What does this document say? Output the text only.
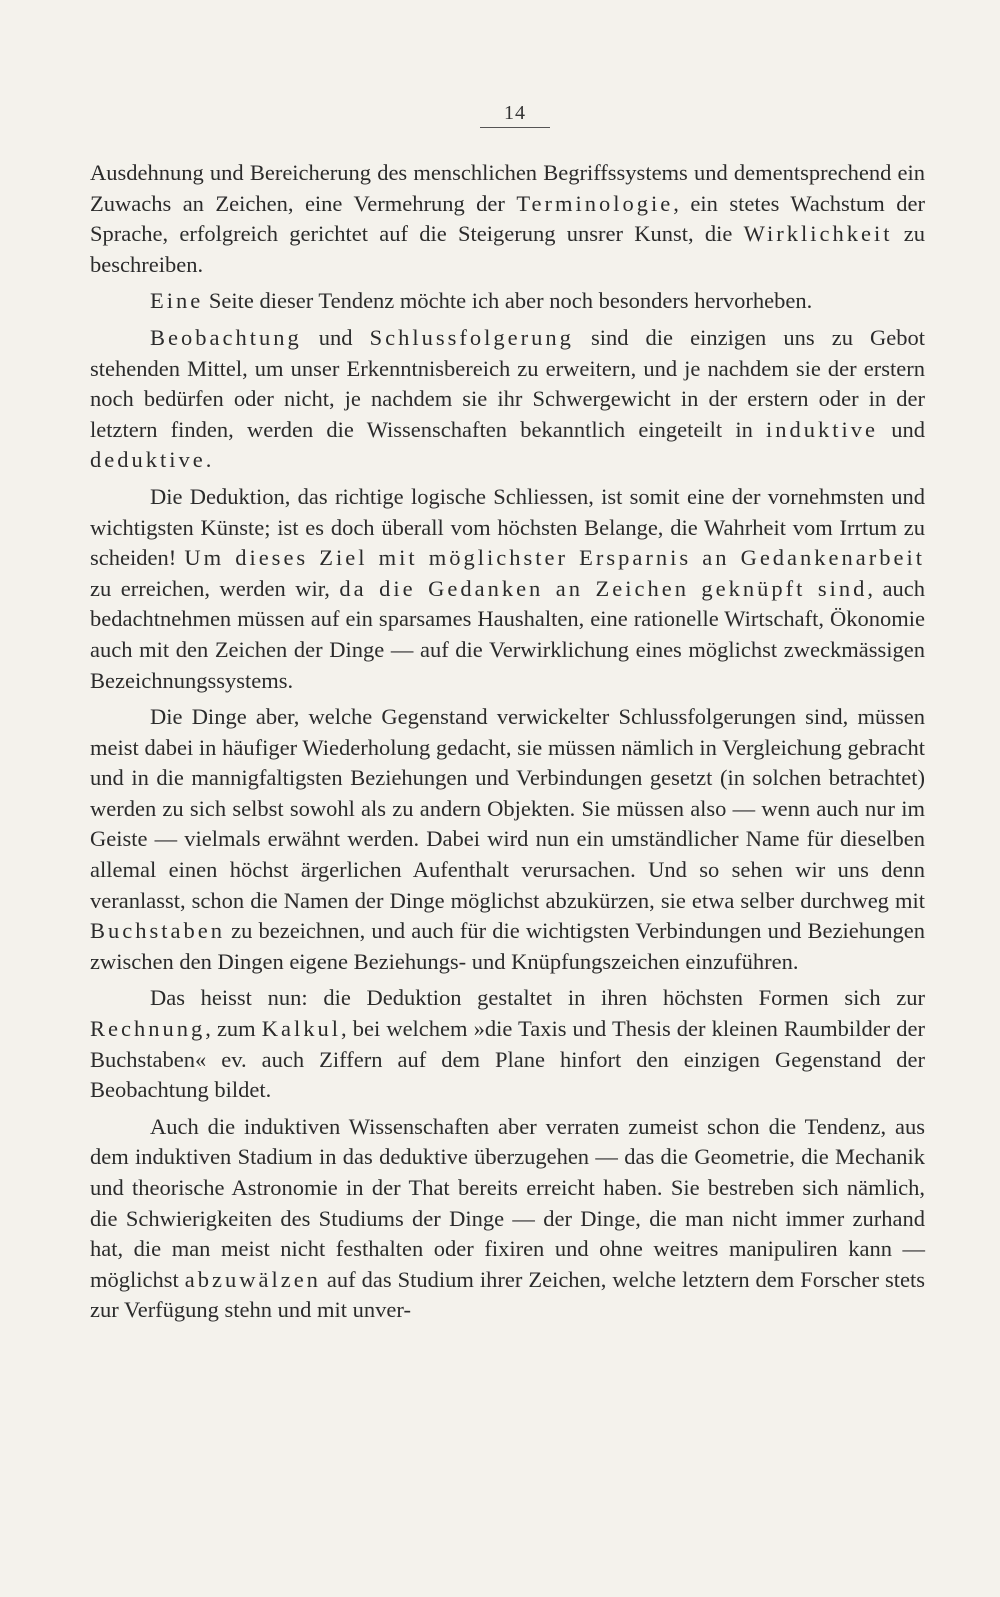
14

Ausdehnung und Bereicherung des menschlichen Begriffssystems und dementsprechend ein Zuwachs an Zeichen, eine Vermehrung der Terminologie, ein stetes Wachstum der Sprache, erfolgreich gerichtet auf die Steigerung unsrer Kunst, die Wirklichkeit zu beschreiben.

Eine Seite dieser Tendenz möchte ich aber noch besonders hervorheben.

Beobachtung und Schlussfolgerung sind die einzigen uns zu Gebot stehenden Mittel, um unser Erkenntnisbereich zu erweitern, und je nachdem sie der erstern noch bedürfen oder nicht, je nachdem sie ihr Schwergewicht in der erstern oder in der letztern finden, werden die Wissenschaften bekanntlich eingeteilt in induktive und deduktive.

Die Deduktion, das richtige logische Schliessen, ist somit eine der vornehmsten und wichtigsten Künste; ist es doch überall vom höchsten Belange, die Wahrheit vom Irrtum zu scheiden! Um dieses Ziel mit möglichster Ersparnis an Gedankenarbeit zu erreichen, werden wir, da die Gedanken an Zeichen geknüpft sind, auch bedachtnehmen müssen auf ein sparsames Haushalten, eine rationelle Wirtschaft, Ökonomie auch mit den Zeichen der Dinge — auf die Verwirklichung eines möglichst zweckmässigen Bezeichnungssystems.

Die Dinge aber, welche Gegenstand verwickelter Schlussfolgerungen sind, müssen meist dabei in häufiger Wiederholung gedacht, sie müssen nämlich in Vergleichung gebracht und in die mannigfaltigsten Beziehungen und Verbindungen gesetzt (in solchen betrachtet) werden zu sich selbst sowohl als zu andern Objekten. Sie müssen also — wenn auch nur im Geiste — vielmals erwähnt werden. Dabei wird nun ein umständlicher Name für dieselben allemal einen höchst ärgerlichen Aufenthalt verursachen. Und so sehen wir uns denn veranlasst, schon die Namen der Dinge möglichst abzukürzen, sie etwa selber durchweg mit Buchstaben zu bezeichnen, und auch für die wichtigsten Verbindungen und Beziehungen zwischen den Dingen eigene Beziehungs- und Knüpfungszeichen einzuführen.

Das heisst nun: die Deduktion gestaltet in ihren höchsten Formen sich zur Rechnung, zum Kalkul, bei welchem »die Taxis und Thesis der kleinen Raumbilder der Buchstaben« ev. auch Ziffern auf dem Plane hinfort den einzigen Gegenstand der Beobachtung bildet.

Auch die induktiven Wissenschaften aber verraten zumeist schon die Tendenz, aus dem induktiven Stadium in das deduktive überzugehen — das die Geometrie, die Mechanik und theorische Astronomie in der That bereits erreicht haben. Sie bestreben sich nämlich, die Schwierigkeiten des Studiums der Dinge — der Dinge, die man nicht immer zurhand hat, die man meist nicht festhalten oder fixiren und ohne weitres manipuliren kann — möglichst abzuwälzen auf das Studium ihrer Zeichen, welche letztern dem Forscher stets zur Verfügung stehn und mit unver-
